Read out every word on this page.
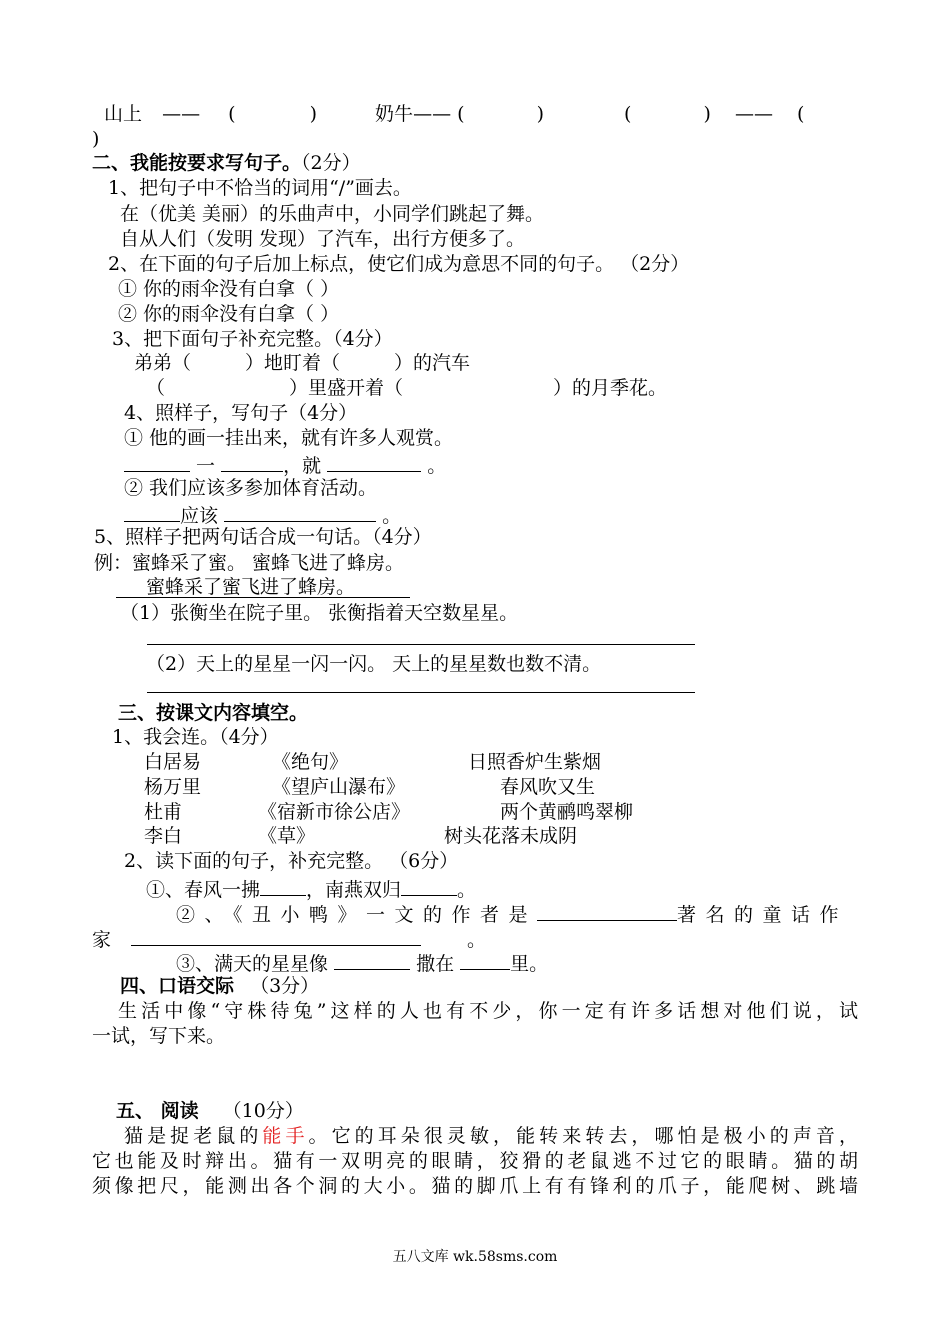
山上 —— (	)	奶牛—— (	)	(	) —— (
)
二、我能按要求写句子。（2分）
1、把句子中不恰当的词用“/”画去。
在（优美 美丽）的乐曲声中，小同学们跳起了舞。
自从人们（发明 发现）了汽车，出行方便多了。
2、在下面的句子后加上标点，使它们成为意思不同的句子。 （2分）
① 你的雨伞没有白拿（ ）
② 你的雨伞没有白拿（ ）
3、把下面句子补充完整。（4分）
弟弟（	）地盯着（	）的汽车
（	）里盛开着（	）的月季花。
4、照样子，写句子（4分）
① 他的画一挂出来，就有许多人观赏。
一	，就	。
② 我们应该多参加体育活动。
应该	。
5、照样子把两句话合成一句话。（4分）
例：蜜蜂采了蜜。 蜜蜂飞进了蜂房。
蜜蜂采了蜜飞进了蜂房。
（1）张衡坐在院子里。 张衡指着天空数星星。
（2）天上的星星一闪一闪。 天上的星星数也数不清。
三、按课文内容填空。
1、我会连。（4分）
白居易	《绝句》	日照香炉生紫烟
杨万里	《望庐山瀑布》	春风吹又生
杜甫	《宿新市徐公店》	两个黄鹂鸣翠柳
李白	《草》	树头花落未成阴
2、读下面的句子，补充完整。 （6分）
①、春风一拂 ，南燕双归	。
②、《丑小鸭》一文的作者是	著名的童话作
家	。
③、满天的星星像	撒在	里。
四、口语交际 （3分）
生活中像“守株待兔”这样的人也有不少，你一定有许多话想对他们说，试
一试，写下来。
五、 阅读 （10分）
猫是捉老鼠的能手。它的耳朵很灵敏，能转来转去，哪怕是极小的声音，
它也能及时辩出。猫有一双明亮的眼睛，狡猾的老鼠逃不过它的眼睛。猫的胡
须像把尺，能测出各个洞的大小。猫的脚爪上有有锋利的爪子，能爬树、跳墙
五八文库 wk.58sms.com
